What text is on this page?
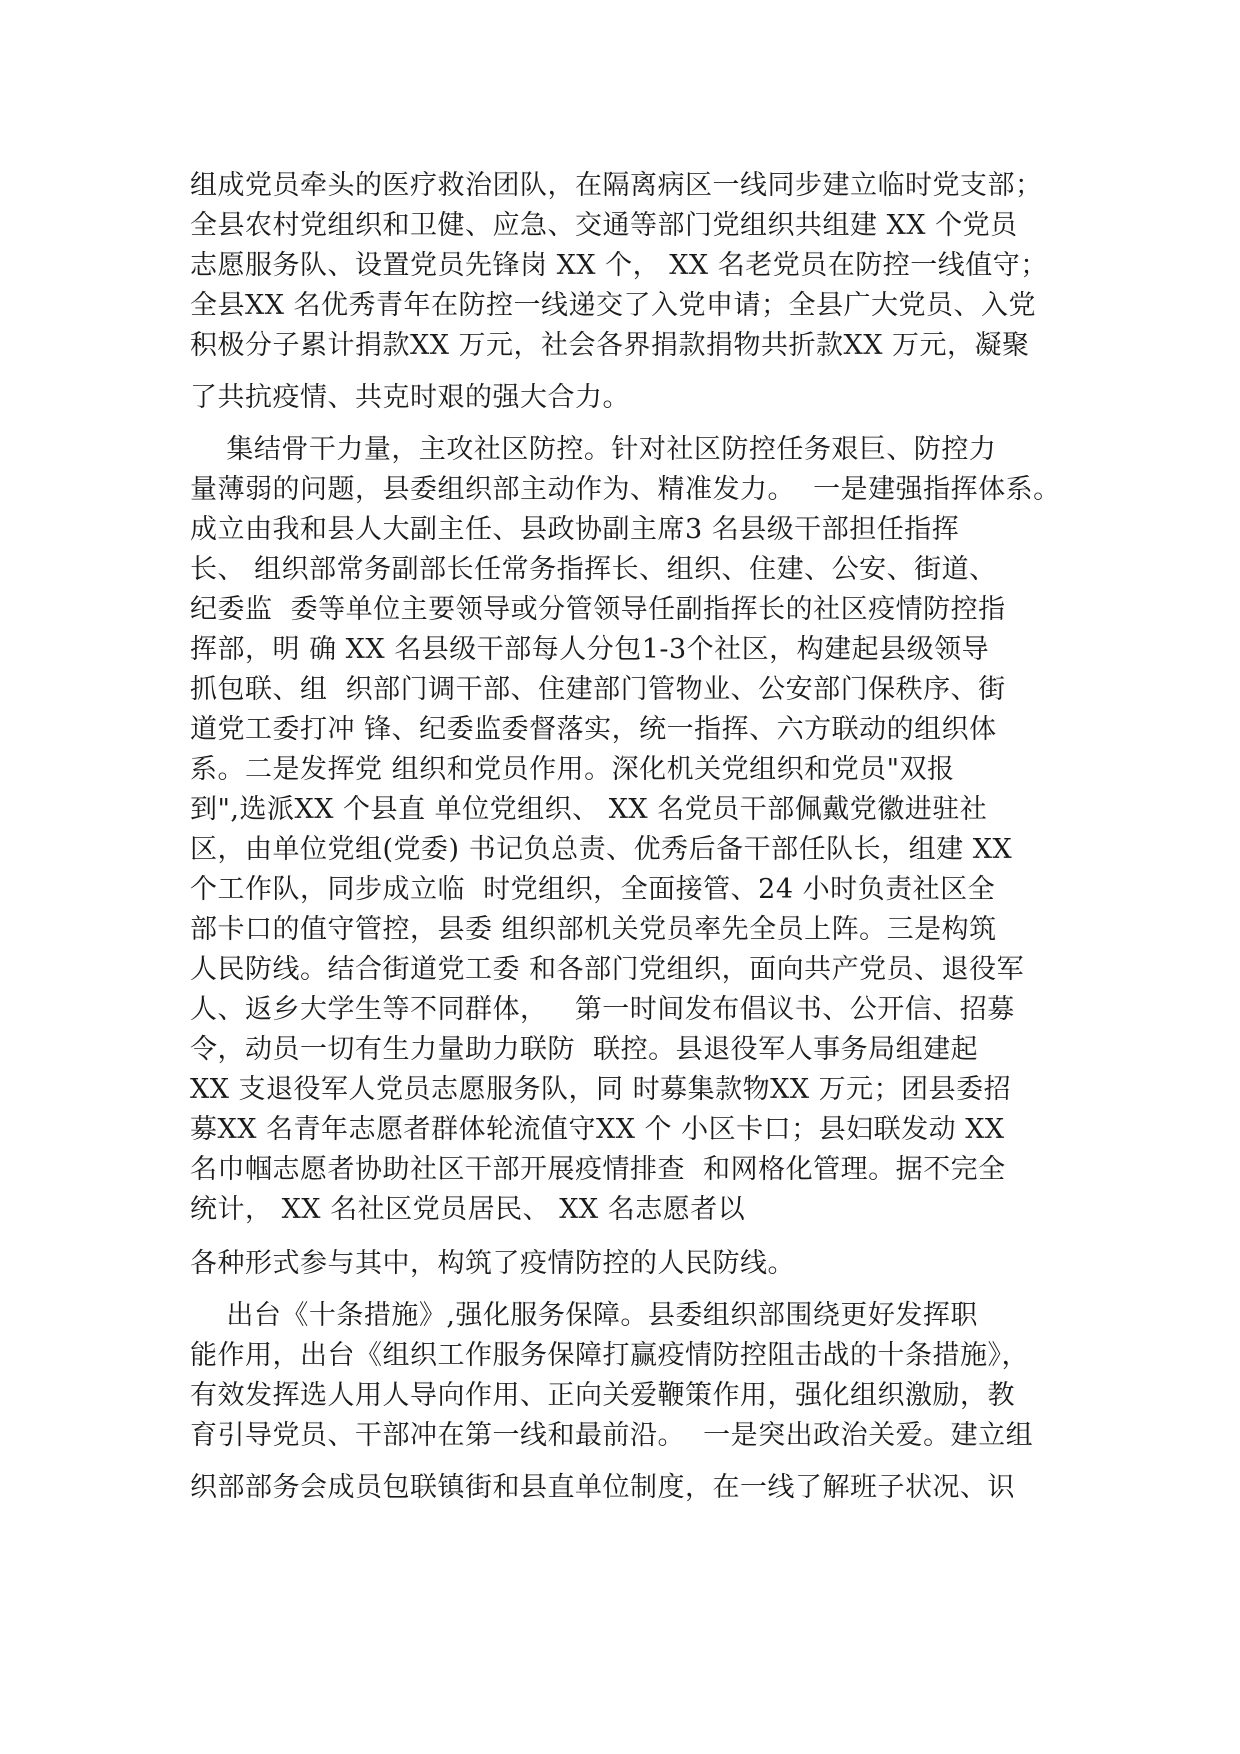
组成党员牵头的医疗救治团队，在隔离病区一线同步建立临时党支部；
全县农村党组织和卫健、应急、交通等部门党组织共组建 XX 个党员
志愿服务队、设置党员先锋岗 XX 个， XX 名老党员在防控一线值守；
全县XX 名优秀青年在防控一线递交了入党申请；全县广大党员、入党
积极分子累计捐款XX 万元，社会各界捐款捐物共折款XX 万元，凝聚
了共抗疫情、共克时艰的强大合力。
集结骨干力量，主攻社区防控。针对社区防控任务艰巨、防控力
量薄弱的问题，县委组织部主动作为、精准发力。  一是建强指挥体系。
成立由我和县人大副主任、县政协副主席3 名县级干部担任指挥
长、 组织部常务副部长任常务指挥长、组织、住建、公安、街道、
纪委监  委等单位主要领导或分管领导任副指挥长的社区疫情防控指
挥部，明 确 XX 名县级干部每人分包1-3个社区，构建起县级领导
抓包联、组  织部门调干部、住建部门管物业、公安部门保秩序、街
道党工委打冲 锋、纪委监委督落实，统一指挥、六方联动的组织体
系。二是发挥党 组织和党员作用。深化机关党组织和党员"双报
到",选派XX 个县直 单位党组织、 XX 名党员干部佩戴党徽进驻社
区，由单位党组(党委) 书记负总责、优秀后备干部任队长，组建 XX
个工作队，同步成立临  时党组织，全面接管、24 小时负责社区全
部卡口的值守管控，县委 组织部机关党员率先全员上阵。三是构筑
人民防线。结合街道党工委 和各部门党组织，面向共产党员、退役军
人、返乡大学生等不同群体，   第一时间发布倡议书、公开信、招募
令，动员一切有生力量助力联防  联控。县退役军人事务局组建起
XX 支退役军人党员志愿服务队，同 时募集款物XX 万元；团县委招
募XX 名青年志愿者群体轮流值守XX 个 小区卡口；县妇联发动 XX
名巾帼志愿者协助社区干部开展疫情排查  和网格化管理。据不完全
统计， XX 名社区党员居民、 XX 名志愿者以
各种形式参与其中，构筑了疫情防控的人民防线。
出台《十条措施》,强化服务保障。县委组织部围绕更好发挥职
能作用，出台《组织工作服务保障打赢疫情防控阻击战的十条措施》，
有效发挥选人用人导向作用、正向关爱鞭策作用，强化组织激励，教
育引导党员、干部冲在第一线和最前沿。  一是突出政治关爱。建立组
织部部务会成员包联镇街和县直单位制度，在一线了解班子状况、识
